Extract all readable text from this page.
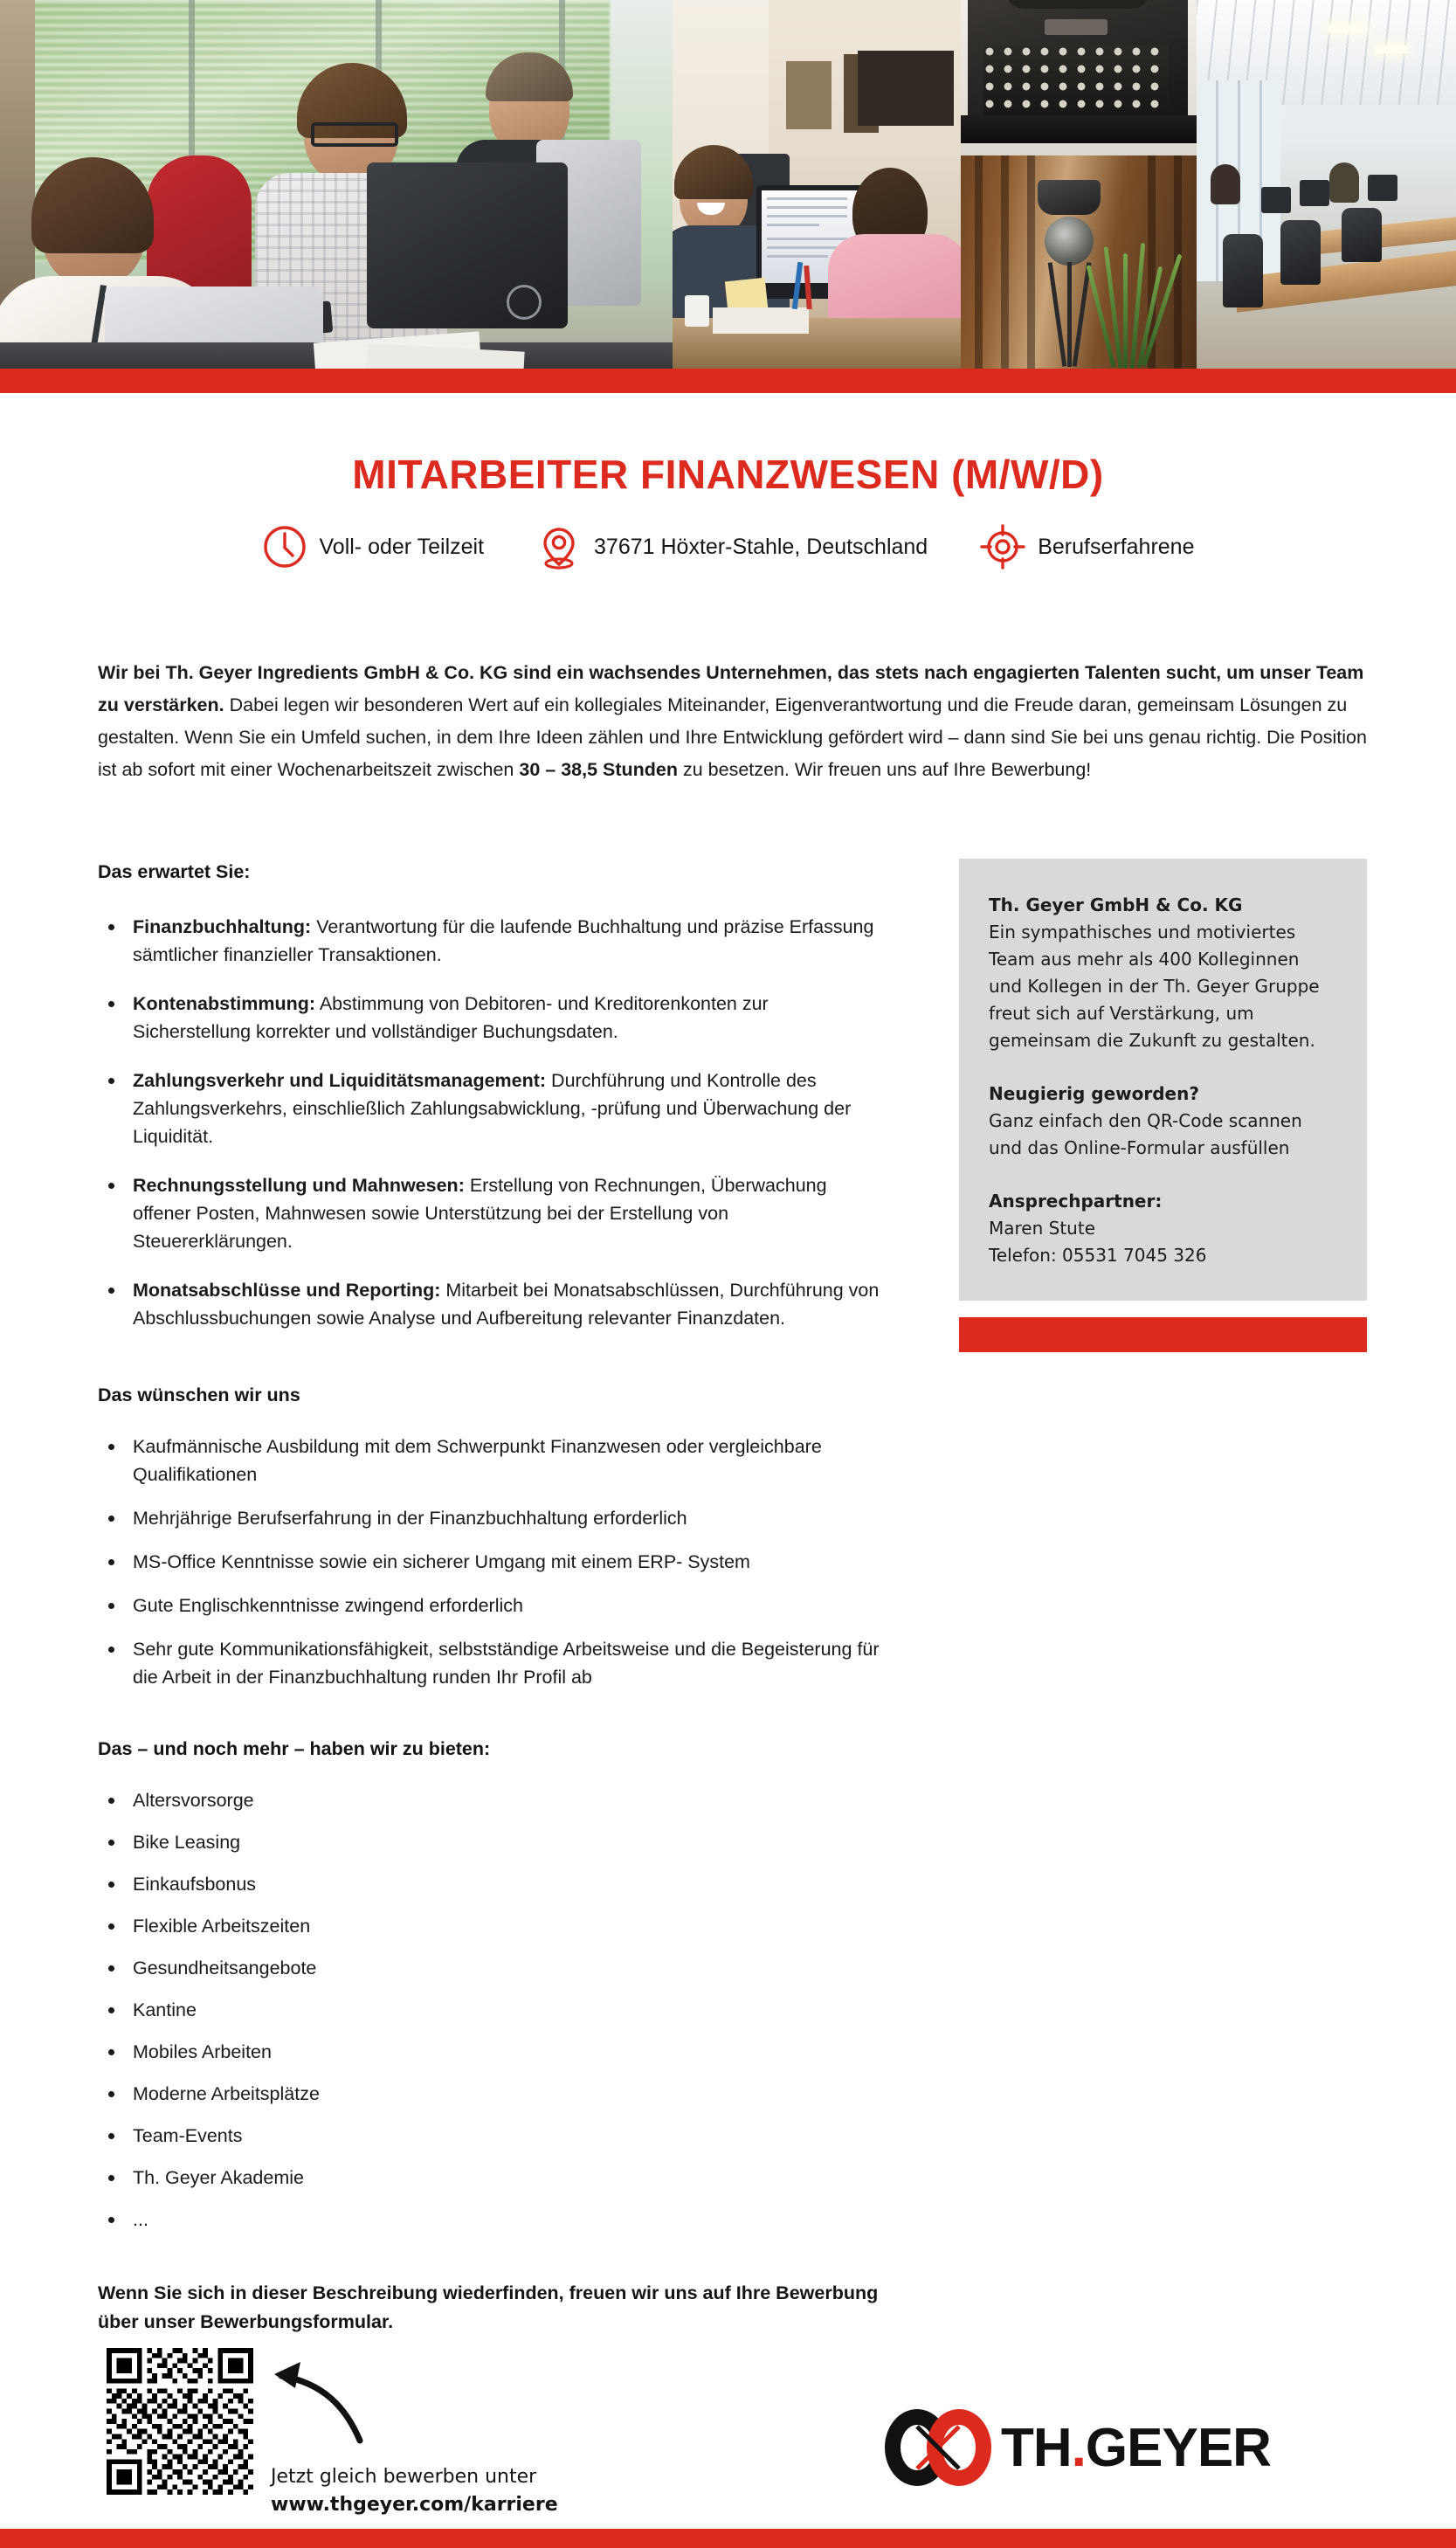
MITARBEITER FINANZWESEN (M/W/D)
Voll- oder Teilzeit	37671 Höxter-Stahle, Deutschland	Berufserfahrene

Wir bei Th. Geyer Ingredients GmbH & Co. KG sind ein wachsendes Unternehmen, das stets nach engagierten Talenten sucht, um unser Team zu verstärken. Dabei legen wir besonderen Wert auf ein kollegiales Miteinander, Eigenverantwortung und die Freude daran, gemeinsam Lösungen zu gestalten. Wenn Sie ein Umfeld suchen, in dem Ihre Ideen zählen und Ihre Entwicklung gefördert wird – dann sind Sie bei uns genau richtig. Die Position ist ab sofort mit einer Wochenarbeitszeit zwischen 30 – 38,5 Stunden zu besetzen. Wir freuen uns auf Ihre Bewerbung!

Das erwartet Sie:
Finanzbuchhaltung: Verantwortung für die laufende Buchhaltung und präzise Erfassung sämtlicher finanzieller Transaktionen.
Kontenabstimmung: Abstimmung von Debitoren- und Kreditorenkonten zur Sicherstellung korrekter und vollständiger Buchungsdaten.
Zahlungsverkehr und Liquiditätsmanagement: Durchführung und Kontrolle des Zahlungsverkehrs, einschließlich Zahlungsabwicklung, -prüfung und Überwachung der Liquidität.
Rechnungsstellung und Mahnwesen: Erstellung von Rechnungen, Überwachung offener Posten, Mahnwesen sowie Unterstützung bei der Erstellung von Steuererklärungen.
Monatsabschlüsse und Reporting: Mitarbeit bei Monatsabschlüssen, Durchführung von Abschlussbuchungen sowie Analyse und Aufbereitung relevanter Finanzdaten.
Das wünschen wir uns
Kaufmännische Ausbildung mit dem Schwerpunkt Finanzwesen oder vergleichbare Qualifikationen
Mehrjährige Berufserfahrung in der Finanzbuchhaltung erforderlich
MS-Office Kenntnisse sowie ein sicherer Umgang mit einem ERP- System
Gute Englischkenntnisse zwingend erforderlich
Sehr gute Kommunikationsfähigkeit, selbstständige Arbeitsweise und die Begeisterung für die Arbeit in der Finanzbuchhaltung runden Ihr Profil ab
Das – und noch mehr – haben wir zu bieten:
Altersvorsorge
Bike Leasing
Einkaufsbonus
Flexible Arbeitszeiten
Gesundheitsangebote
Kantine
Mobiles Arbeiten
Moderne Arbeitsplätze
Team-Events
Th. Geyer Akademie
...
Wenn Sie sich in dieser Beschreibung wiederfinden, freuen wir uns auf Ihre Bewerbung über unser Bewerbungsformular.
Th. Geyer GmbH & Co. KG
Ein sympathisches und motiviertes Team aus mehr als 400 Kolleginnen und Kollegen in der Th. Geyer Gruppe freut sich auf Verstärkung, um gemeinsam die Zukunft zu gestalten.
Neugierig geworden?
Ganz einfach den QR-Code scannen und das Online-Formular ausfüllen
Ansprechpartner:
Maren Stute
Telefon: 05531 7045 326
Jetzt gleich bewerben unter
www.thgeyer.com/karriere
TH.GEYER
